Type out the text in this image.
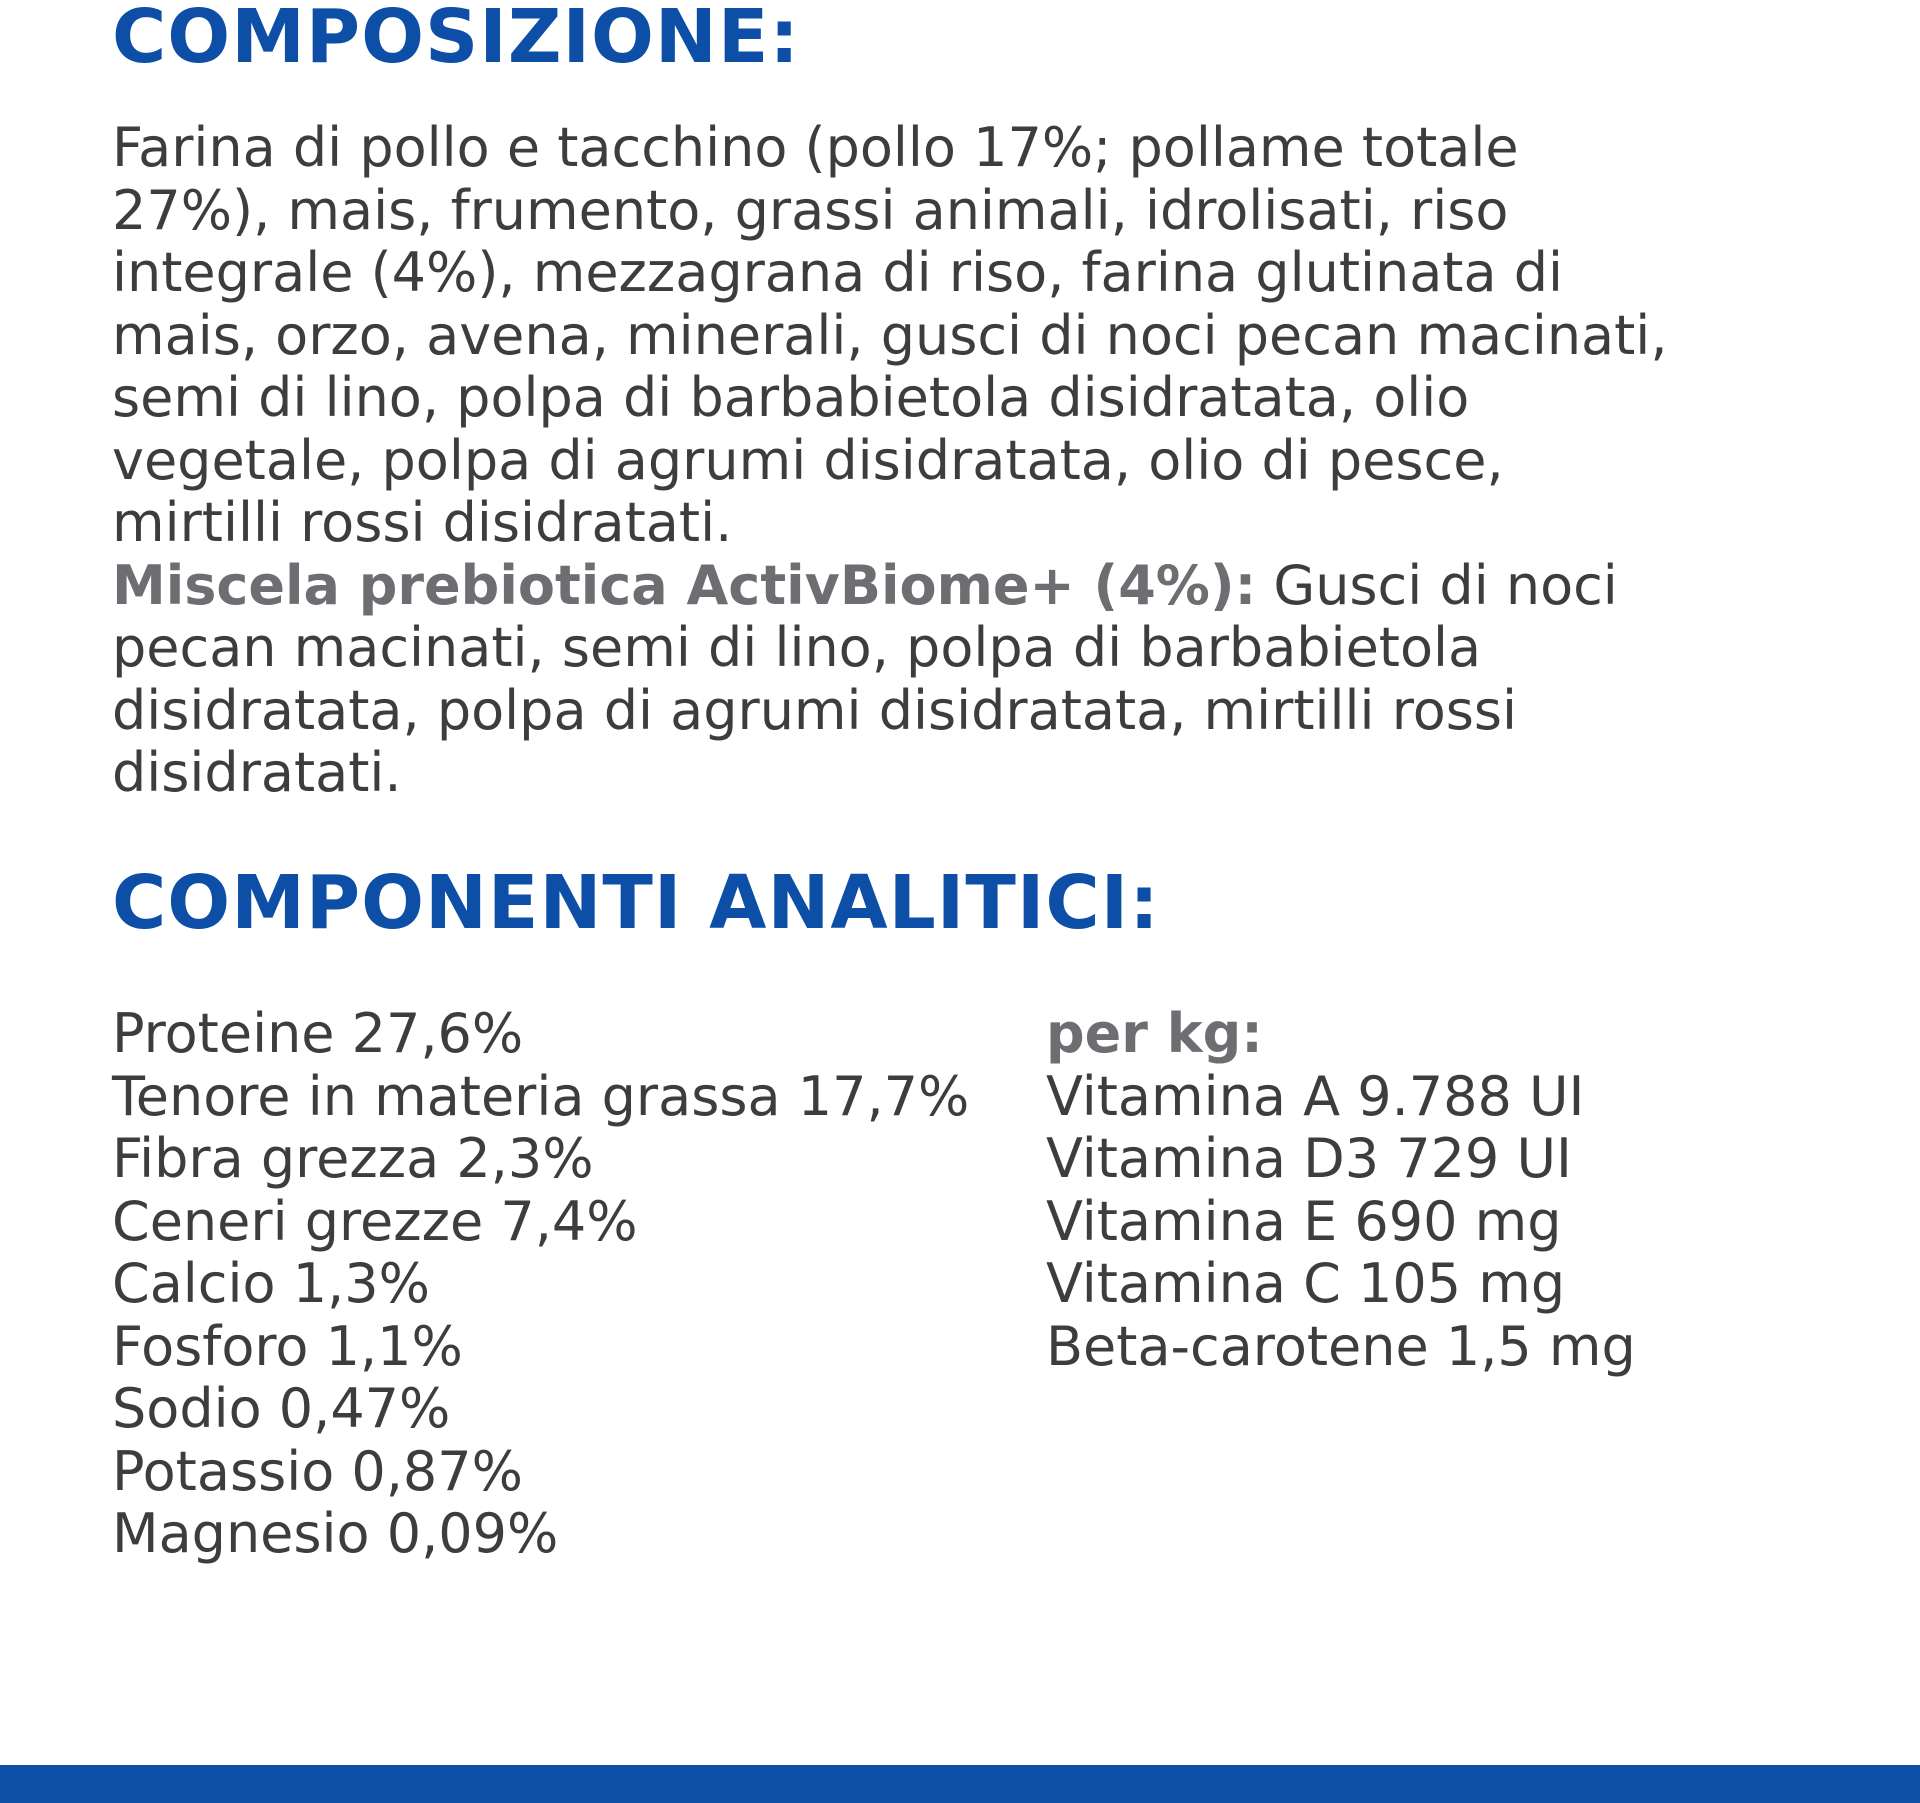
COMPOSIZIONE:

Farina di pollo e tacchino (pollo 17%; pollame totale
27%), mais, frumento, grassi animali, idrolisati, riso
integrale (4%), mezzagrana di riso, farina glutinata di
mais, orzo, avena, minerali, gusci di noci pecan macinati,
semi di lino, polpa di barbabietola disidratata, olio
vegetale, polpa di agrumi disidratata, olio di pesce,
mirtilli rossi disidratati.

Miscela prebiotica ActivBiome+ (4%): Gusci di noci
pecan macinati, semi di lino, polpa di barbabietola
disidratata, polpa di agrumi disidratata, mirtilli rossi
disidratati.

COMPONENTI ANALITICI:
Proteine 27,6%
Tenore in materia grassa 17,7%
Fibra grezza 2,3%
Ceneri grezze 7,4%
Calcio 1,3%
Fosforo 1,1%
Sodio 0,47%
Potassio 0,87%
Magnesio 0,09%
per kg:
Vitamina A 9.788 UI
Vitamina D3 729 UI
Vitamina E 690 mg
Vitamina C 105 mg
Beta-carotene 1,5 mg
